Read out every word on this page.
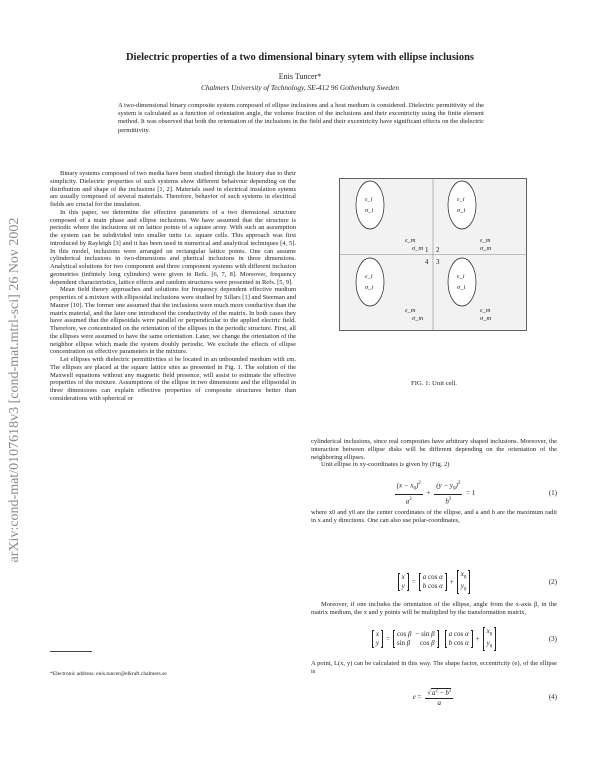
arXiv:cond-mat/0107618v3 [cond-mat.mtrl-sci] 26 Nov 2002
Dielectric properties of a two dimensional binary sytem with ellipse inclusions
Enis Tuncer*
Chalmers University of Technology, SE-412 96 Gothenburg Sweden
A two-dimensional binary composite system composed of ellipse inclusions and a host medium is considered. Dielectric permittivity of the system is calculated as a function of orientation angle, the volume fraction of the inclusions and their excentricity using the finite element method. It was observed that both the orientation of the inclusions in the field and their excentricity have significant effects on the dielectric permittivity.

Binary systems composed of two media have been studied through the history due to their simplicity. Dielectric properties of such systems show different behaivour depending on the distribution and shape of the inclusions [1, 2]. Materials used in electrical insulation sytems are usually composed of several materials. Therefore, behavior of such systems in electrical fields are crucial for the insulation.

In this paper, we determine the effective parameters of a two diemsional structure composed of a main phase and ellipse inclusions. We have assumed that the structure is periodic where the inclusions sit on lattice points of a square array. With such an assumption the system can be subdivided into smaller units i.e. square cells. This approach was first introduced by Rayleigh [3] and it has been used in numerical and analytical techniques [4, 5]. In this model, inclusions were arranged on rectangular lattice points. One can assume cylinderical inclusions in two-dimensions and pherical inclusions in three dimensions. Analytical solutions for two component and three component systems with different inclusion geometries (infintely long cylinders) were given in Refs. [6, 7, 8]. Moreover, frequency dependent characteristics, lattice effects and random structures were presented in Refs. [5, 9].

Mean field theory approaches and solutions for frequency dependent effective medium properties of a mixture with ellipsoidal inclusions were studied by Sillars [1] and Steeman and Maurer [10]. The former one assumed that the inclusions were much more conductive than the matrix material, and the later one introduced the conductivity of the matrix. In both cases they have assumed that the ellipsoidals were parallel or perpendicular to the applied electric field. Therefore, we concentrated on the orientation of the ellipses in the periodic structure. First, all the ellipses were assumed to have the same orientation. Later, we change the orientation of the neighbor ellipse which made the system doubly periodic. We exclude the effects of ellipse concentration on effective parameters in the mixture.

Let ellipses with dielectric permittivities εi be located in an unbounded medium with εm. The ellipses are placed at the square lattice sites as presented in Fig. 1. The solution of the Maxwell equations without any magnetic field presence, will assist to estimate the effective properties of the mixture. Assumptions of the ellipse in two dimensions and the ellipsoidal in three dimensions can explain effective properties of composite structures better than considerations with spherical or

*Electronic address: enis.tuncer@elkraft.chalmers.se
ε_i
σ_i
ε_i
σ_i
ε_i
σ_i
ε_i
σ_i
ε_m
σ_m
ε_m
σ_m
ε_m
σ_m
ε_m
σ_m
1 2
4 3
FIG. 1: Unit cell.

cylinderical inclusions, since real composites have arbitrary shaped inclusions. Moreover, the interaction between ellipse disks will be different depending on the orientation of the neighboring ellipses.

Unit ellipse in xy-coordinates is given by (Fig. 2)

$\frac{(x - x_0)^2}{a^2} + \frac{(y - y_0)^2}{b^2} = 1$	(1)

where x0 and y0 are the center coordinates of the ellipse, and a and b are the maximum radii in x and y directions. One can also use polar-coordinates,

x
y =
a cos α
b cos α +
$x_0$
$y_0$
(2)

Moreover, if one includes the orientation of the ellipse, angle from the x-axis β, in the matrix medium, the x and y points will be multiplied by the transformation matrix,

x
y =
cos β − sin β
sin β cos β
a cos α
b cos α +
$x_0$
$y_0$
(3)

A point, L(x, y) can be calculated in this way. The shape factor, eccentricity (e), of the ellipse is

$e = \frac{√a^2 - b^2}{a}$	(4)
